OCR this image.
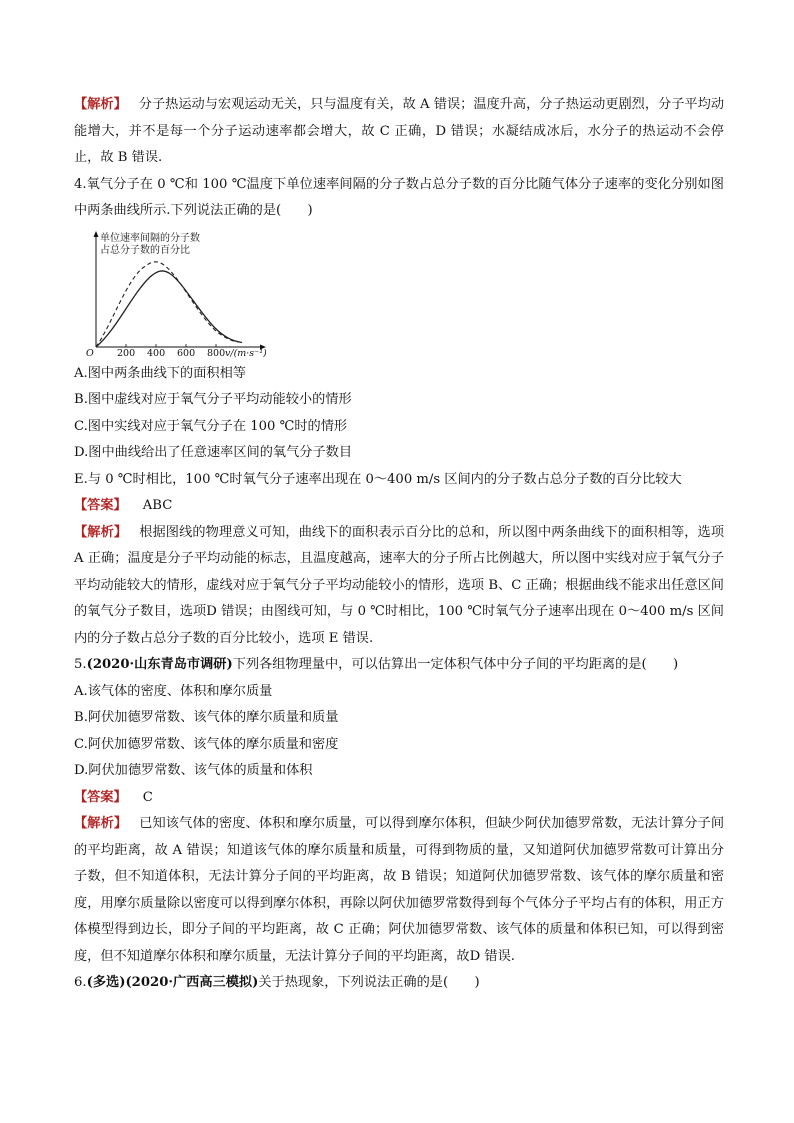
【解析】 分子热运动与宏观运动无关，只与温度有关，故 A 错误；温度升高，分子热运动更剧烈，分子平均动能增大，并不是每一个分子运动速率都会增大，故 C 正确，D 错误；水凝结成冰后，水分子的热运动不会停止，故 B 错误.

4.氧气分子在 0 ℃和 100 ℃温度下单位速率间隔的分子数占总分子数的百分比随气体分子速率的变化分别如图中两条曲线所示.下列说法正确的是(　　)

单位速率间隔的分子数
占总分子数的百分比
O 200 400 600 800 v/(m·s⁻¹)

A.图中两条曲线下的面积相等

B.图中虚线对应于氧气分子平均动能较小的情形

C.图中实线对应于氧气分子在 100 ℃时的情形

D.图中曲线给出了任意速率区间的氧气分子数目

E.与 0 ℃时相比，100 ℃时氧气分子速率出现在 0～400 m/s 区间内的分子数占总分子数的百分比较大

【答案】 ABC

【解析】 根据图线的物理意义可知，曲线下的面积表示百分比的总和，所以图中两条曲线下的面积相等，选项 A 正确；温度是分子平均动能的标志，且温度越高，速率大的分子所占比例越大，所以图中实线对应于氧气分子平均动能较大的情形，虚线对应于氧气分子平均动能较小的情形，选项 B、C 正确；根据曲线不能求出任意区间的氧气分子数目，选项D 错误；由图线可知，与 0 ℃时相比，100 ℃时氧气分子速率出现在 0～400 m/s 区间内的分子数占总分子数的百分比较小，选项 E 错误.

5.(2020·山东青岛市调研)下列各组物理量中，可以估算出一定体积气体中分子间的平均距离的是(　　)

A.该气体的密度、体积和摩尔质量

B.阿伏加德罗常数、该气体的摩尔质量和质量

C.阿伏加德罗常数、该气体的摩尔质量和密度

D.阿伏加德罗常数、该气体的质量和体积

【答案】 C

【解析】 已知该气体的密度、体积和摩尔质量，可以得到摩尔体积，但缺少阿伏加德罗常数，无法计算分子间的平均距离，故 A 错误；知道该气体的摩尔质量和质量，可得到物质的量，又知道阿伏加德罗常数可计算出分子数，但不知道体积，无法计算分子间的平均距离，故 B 错误；知道阿伏加德罗常数、该气体的摩尔质量和密度，用摩尔质量除以密度可以得到摩尔体积，再除以阿伏加德罗常数得到每个气体分子平均占有的体积，用正方体模型得到边长，即分子间的平均距离，故 C 正确；阿伏加德罗常数、该气体的质量和体积已知，可以得到密度，但不知道摩尔体积和摩尔质量，无法计算分子间的平均距离，故D 错误.

6.(多选)(2020·广西高三模拟)关于热现象，下列说法正确的是(　　)
